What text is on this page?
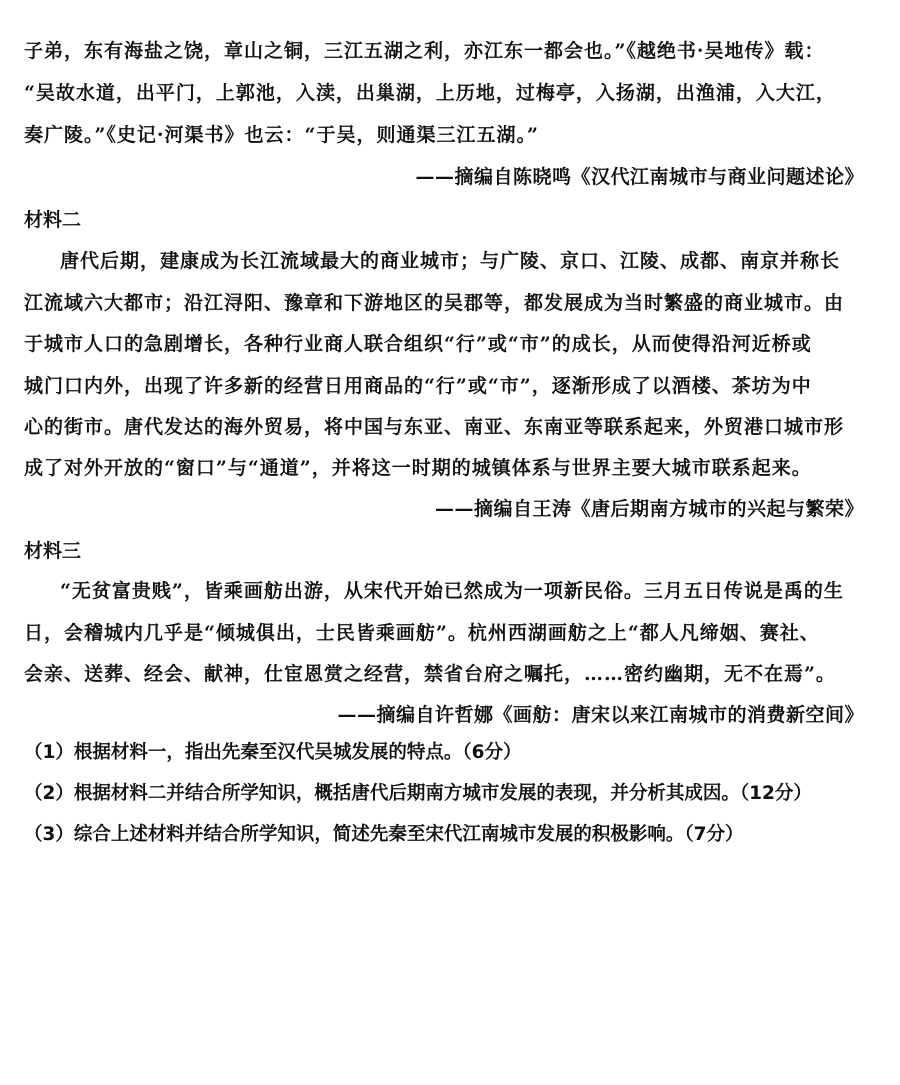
子弟，东有海盐之饶，章山之铜，三江五湖之利，亦江东一都会也。”《越绝书·吴地传》载：
“吴故水道，出平门，上郭池，入渎，出巢湖，上历地，过梅亭，入扬湖，出渔浦，入大江，
奏广陵。”《史记·河渠书》也云：“于吴，则通渠三江五湖。”
——摘编自陈晓鸣《汉代江南城市与商业问题述论》
材料二
唐代后期，建康成为长江流域最大的商业城市；与广陵、京口、江陵、成都、南京并称长
江流域六大都市；沿江浔阳、豫章和下游地区的吴郡等，都发展成为当时繁盛的商业城市。由
于城市人口的急剧增长，各种行业商人联合组织“行”或“市”的成长，从而使得沿河近桥或
城门口内外，出现了许多新的经营日用商品的“行”或“市”，逐渐形成了以酒楼、茶坊为中
心的街市。唐代发达的海外贸易，将中国与东亚、南亚、东南亚等联系起来，外贸港口城市形
成了对外开放的“窗口”与“通道”，并将这一时期的城镇体系与世界主要大城市联系起来。
——摘编自王涛《唐后期南方城市的兴起与繁荣》
材料三
“无贫富贵贱”，皆乘画舫出游，从宋代开始已然成为一项新民俗。三月五日传说是禹的生
日，会稽城内几乎是“倾城俱出，士民皆乘画舫”。杭州西湖画舫之上“都人凡缔姻、赛社、
会亲、送葬、经会、献神，仕宦恩赏之经营，禁省台府之嘱托，……密约幽期，无不在焉”。
——摘编自许哲娜《画舫：唐宋以来江南城市的消费新空间》
（1）根据材料一，指出先秦至汉代吴城发展的特点。（6分）
（2）根据材料二并结合所学知识，概括唐代后期南方城市发展的表现，并分析其成因。（12分）
（3）综合上述材料并结合所学知识，简述先秦至宋代江南城市发展的积极影响。（7分）
